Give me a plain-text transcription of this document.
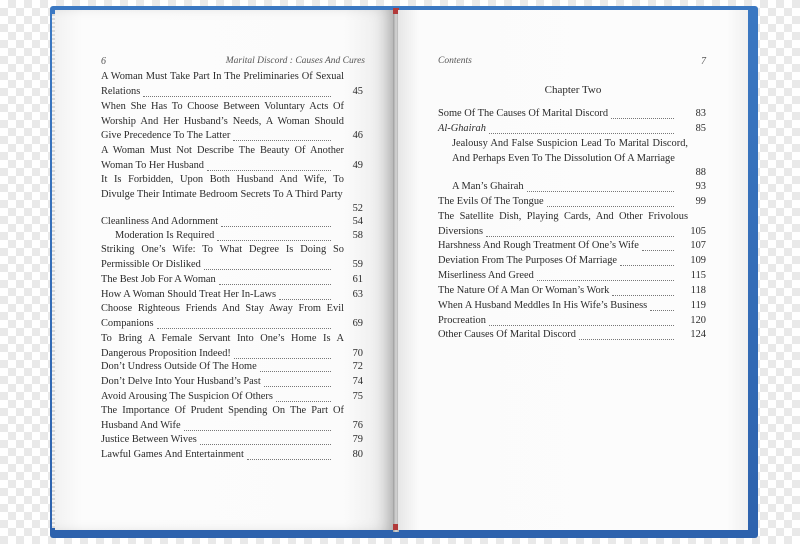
6	Marital Discord : Causes And Cures
A Woman Must Take Part In The Preliminaries Of Sexual Relations	45
When She Has To Choose Between Voluntary Acts Of Worship And Her Husband’s Needs, A Woman Should Give Precedence To The Latter	46
A Woman Must Not Describe The Beauty Of Another Woman To Her Husband	49
It Is Forbidden, Upon Both Husband And Wife, To Divulge Their Intimate Bedroom Secrets To A Third Party
52
Cleanliness And Adornment	54
Moderation Is Required	58
Striking One’s Wife: To What Degree Is Doing So Permissible Or Disliked	59
The Best Job For A Woman	61
How A Woman Should Treat Her In-Laws	63
Choose Righteous Friends And Stay Away From Evil Companions	69
To Bring A Female Servant Into One’s Home Is A Dangerous Proposition Indeed!	70
Don’t Undress Outside Of The Home	72
Don’t Delve Into Your Husband’s Past	74
Avoid Arousing The Suspicion Of Others	75
The Importance Of Prudent Spending On The Part Of Husband And Wife	76
Justice Between Wives	79
Lawful Games And Entertainment	80
Contents	7
Chapter Two
Some Of The Causes Of Marital Discord	83
Al-Ghairah	85
Jealousy And False Suspicion Lead To Marital Discord, And Perhaps Even To The Dissolution Of A Marriage
88
A Man’s Ghairah	93
The Evils Of The Tongue	99
The Satellite Dish, Playing Cards, And Other Frivolous Diversions	105
Harshness And Rough Treatment Of One’s Wife	107
Deviation From The Purposes Of Marriage	109
Miserliness And Greed	115
The Nature Of A Man Or Woman’s Work	118
When A Husband Meddles In His Wife’s Business	119
Procreation	120
Other Causes Of Marital Discord	124
